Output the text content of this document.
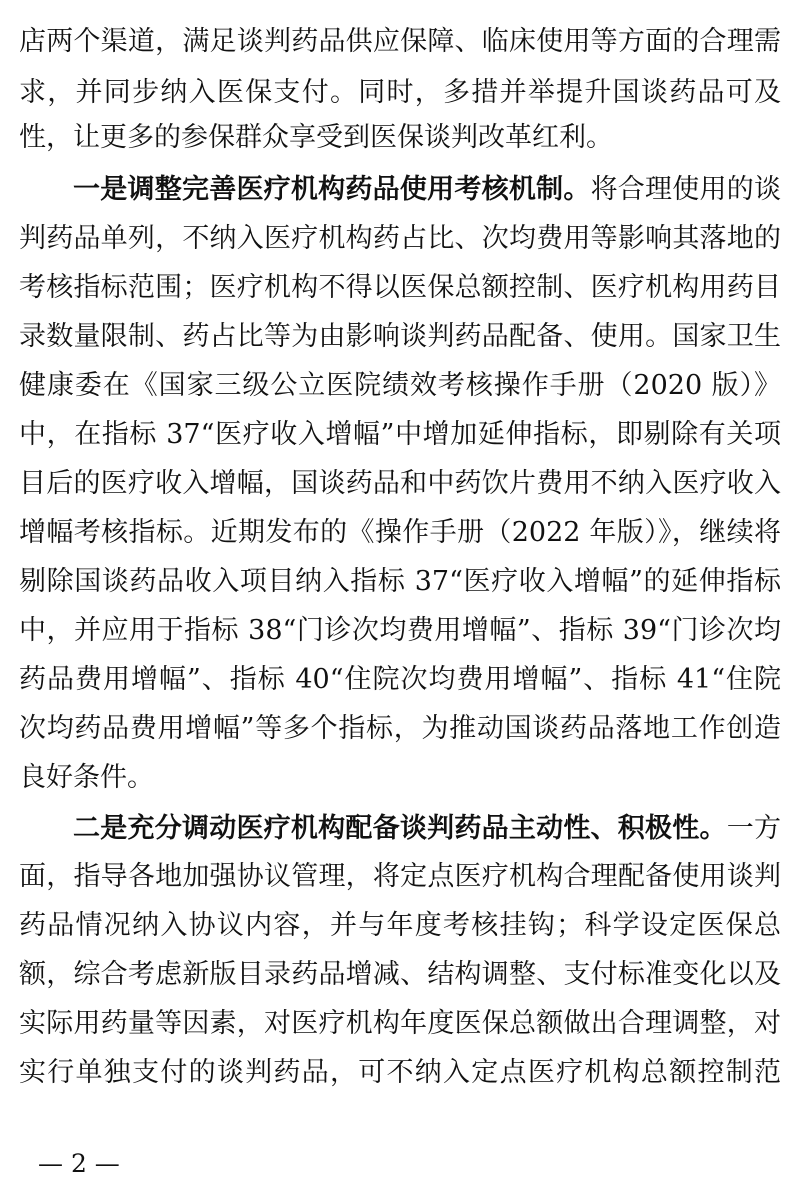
店两个渠道，满足谈判药品供应保障、临床使用等方面的合理需
求，并同步纳入医保支付。同时，多措并举提升国谈药品可及
性，让更多的参保群众享受到医保谈判改革红利。
一是调整完善医疗机构药品使用考核机制。将合理使用的谈
判药品单列，不纳入医疗机构药占比、次均费用等影响其落地的
考核指标范围；医疗机构不得以医保总额控制、医疗机构用药目
录数量限制、药占比等为由影响谈判药品配备、使用。国家卫生
健康委在《国家三级公立医院绩效考核操作手册（2020 版）》
中，在指标 37“医疗收入增幅”中增加延伸指标，即剔除有关项
目后的医疗收入增幅，国谈药品和中药饮片费用不纳入医疗收入
增幅考核指标。近期发布的《操作手册（2022 年版）》，继续将
剔除国谈药品收入项目纳入指标 37“医疗收入增幅”的延伸指标
中，并应用于指标 38“门诊次均费用增幅”、指标 39“门诊次均
药品费用增幅”、指标 40“住院次均费用增幅”、指标 41“住院
次均药品费用增幅”等多个指标，为推动国谈药品落地工作创造
良好条件。
二是充分调动医疗机构配备谈判药品主动性、积极性。一方
面，指导各地加强协议管理，将定点医疗机构合理配备使用谈判
药品情况纳入协议内容，并与年度考核挂钩；科学设定医保总
额，综合考虑新版目录药品增减、结构调整、支付标准变化以及
实际用药量等因素，对医疗机构年度医保总额做出合理调整，对
实行单独支付的谈判药品，可不纳入定点医疗机构总额控制范
— 2 —
